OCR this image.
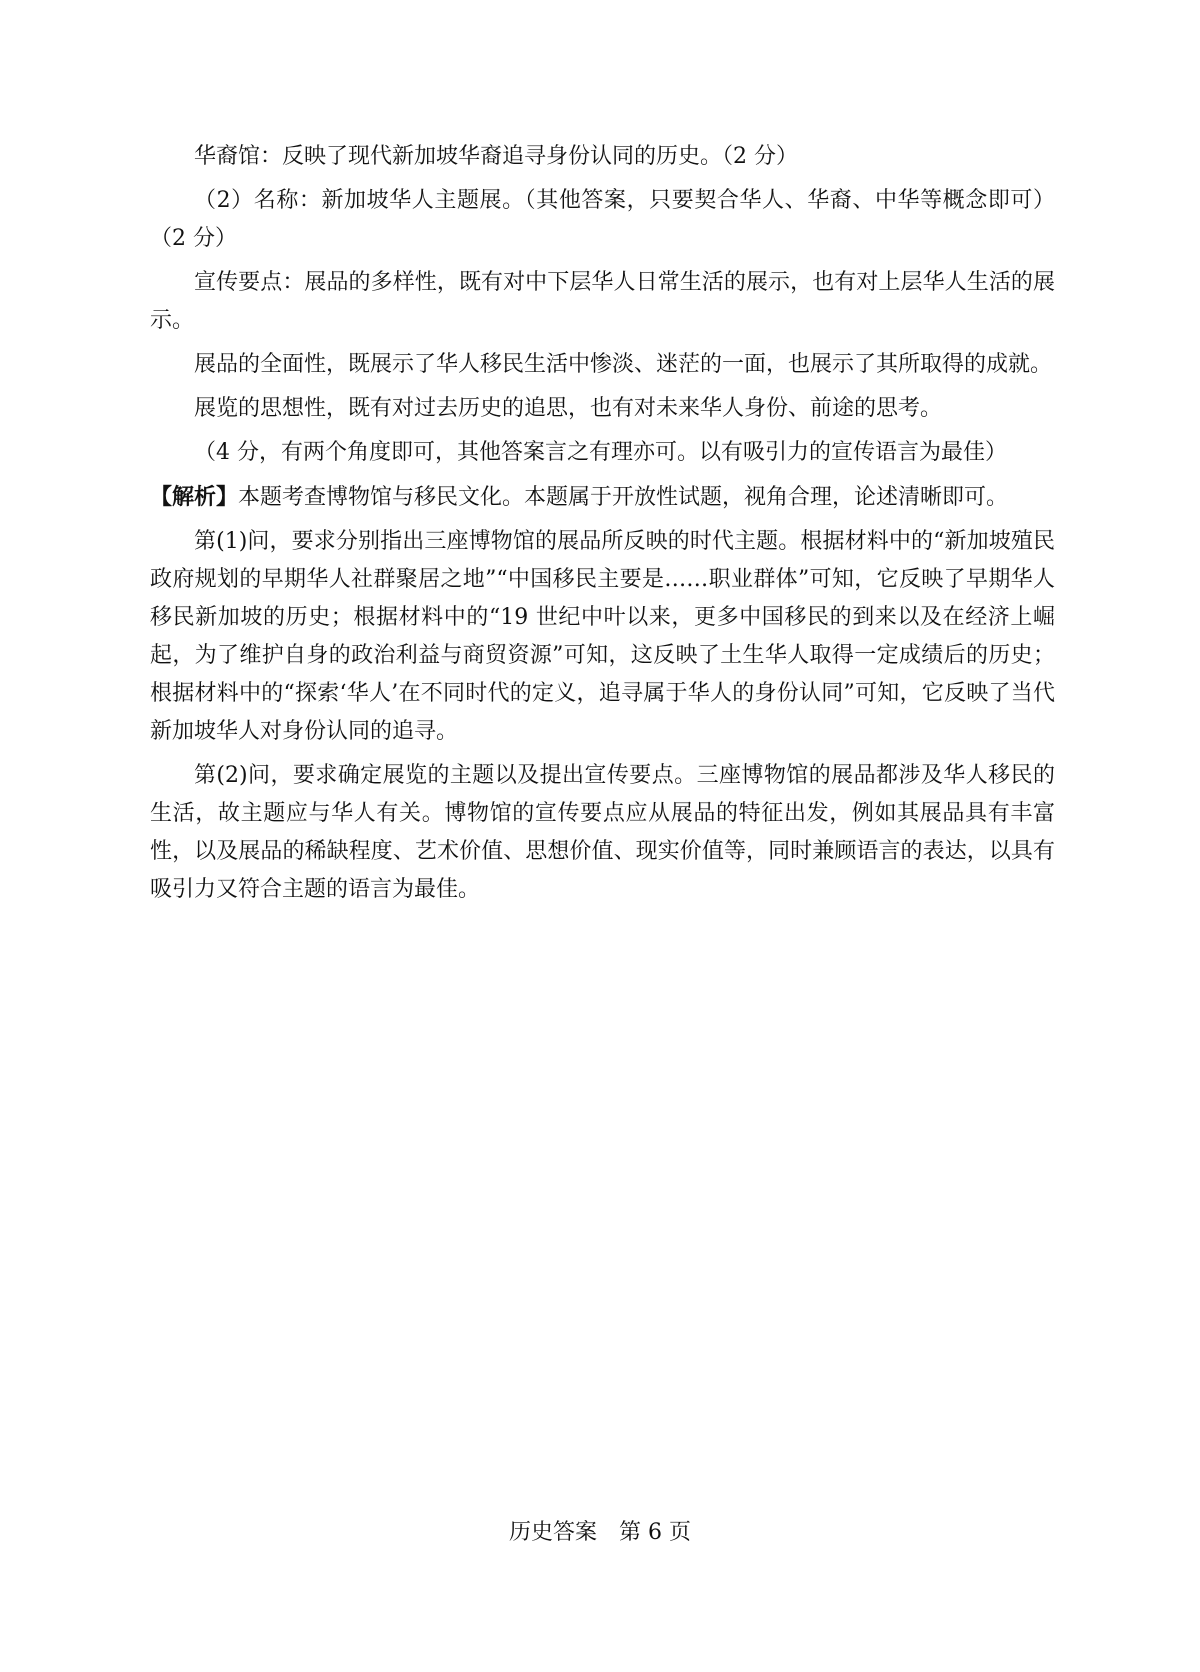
华裔馆：反映了现代新加坡华裔追寻身份认同的历史。（2 分）

（2）名称：新加坡华人主题展。（其他答案，只要契合华人、华裔、中华等概念即可）（2 分）

宣传要点：展品的多样性，既有对中下层华人日常生活的展示，也有对上层华人生活的展示。

展品的全面性，既展示了华人移民生活中惨淡、迷茫的一面，也展示了其所取得的成就。

展览的思想性，既有对过去历史的追思，也有对未来华人身份、前途的思考。

（4 分，有两个角度即可，其他答案言之有理亦可。以有吸引力的宣传语言为最佳）

【解析】本题考查博物馆与移民文化。本题属于开放性试题，视角合理，论述清晰即可。

第(1)问，要求分别指出三座博物馆的展品所反映的时代主题。根据材料中的“新加坡殖民政府规划的早期华人社群聚居之地”“中国移民主要是……职业群体”可知，它反映了早期华人移民新加坡的历史；根据材料中的“19 世纪中叶以来，更多中国移民的到来以及在经济上崛起，为了维护自身的政治利益与商贸资源”可知，这反映了土生华人取得一定成绩后的历史；根据材料中的“探索‘华人’在不同时代的定义，追寻属于华人的身份认同”可知，它反映了当代新加坡华人对身份认同的追寻。

第(2)问，要求确定展览的主题以及提出宣传要点。三座博物馆的展品都涉及华人移民的生活，故主题应与华人有关。博物馆的宣传要点应从展品的特征出发，例如其展品具有丰富性，以及展品的稀缺程度、艺术价值、思想价值、现实价值等，同时兼顾语言的表达，以具有吸引力又符合主题的语言为最佳。

历史答案　第 6 页
